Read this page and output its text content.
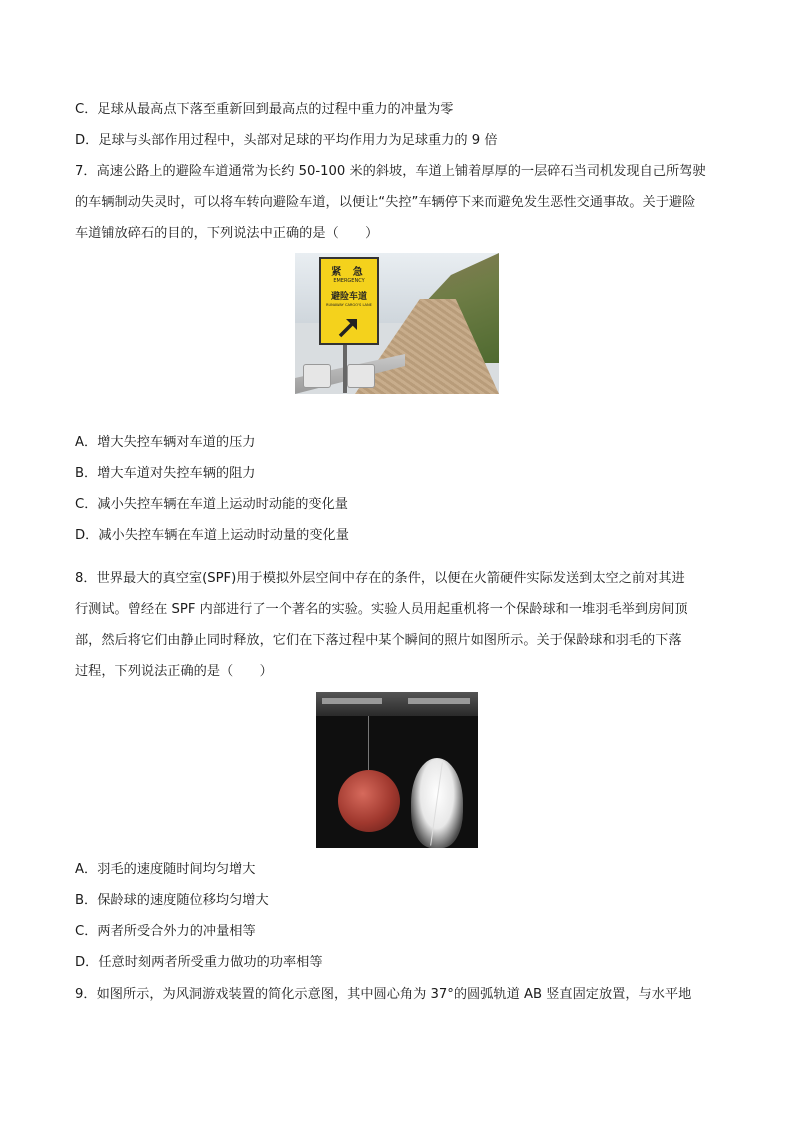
C．足球从最高点下落至重新回到最高点的过程中重力的冲量为零
D．足球与头部作用过程中，头部对足球的平均作用力为足球重力的 9 倍
7．高速公路上的避险车道通常为长约 50-100 米的斜坡，车道上铺着厚厚的一层碎石当司机发现自己所驾驶
的车辆制动失灵时，可以将车转向避险车道，以便让“失控”车辆停下来而避免发生恶性交通事故。关于避险
车道铺放碎石的目的，下列说法中正确的是（　　）
紧 急
EMERGENCY
避险车道
RUNAWAY CARGO'S LANE
A．增大失控车辆对车道的压力
B．增大车道对失控车辆的阻力
C．减小失控车辆在车道上运动时动能的变化量
D．减小失控车辆在车道上运动时动量的变化量
8．世界最大的真空室(SPF)用于模拟外层空间中存在的条件，以便在火箭硬件实际发送到太空之前对其进
行测试。曾经在 SPF 内部进行了一个著名的实验。实验人员用起重机将一个保龄球和一堆羽毛举到房间顶
部，然后将它们由静止同时释放，它们在下落过程中某个瞬间的照片如图所示。关于保龄球和羽毛的下落
过程，下列说法正确的是（　　）
A．羽毛的速度随时间均匀增大
B．保龄球的速度随位移均匀增大
C．两者所受合外力的冲量相等
D．任意时刻两者所受重力做功的功率相等
9．如图所示，为风洞游戏装置的简化示意图，其中圆心角为 37°的圆弧轨道 AB 竖直固定放置，与水平地
